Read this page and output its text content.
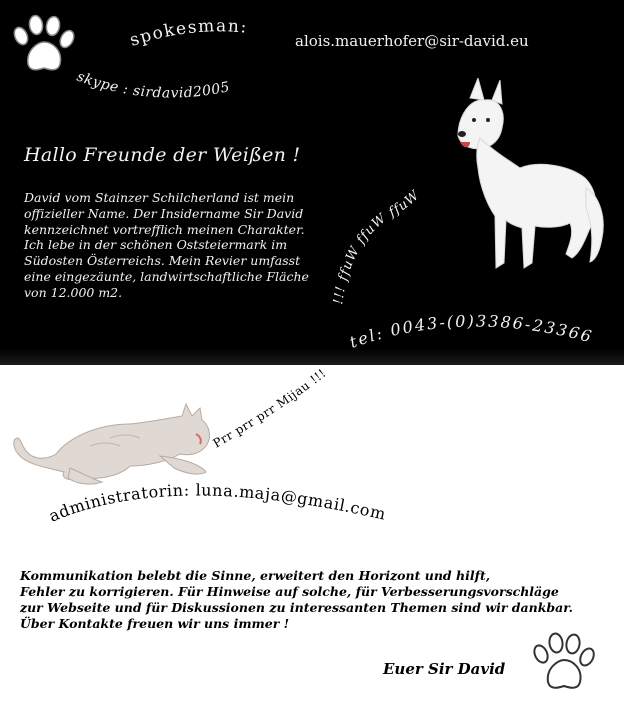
spokesman:
alois.mauerhofer@sir-david.eu
skype : sirdavid2005
!!! ffuW ffuW ffuW
tel: 0043-(0)3386-23366
Prr prr prr Mijau !!!
administratorin: luna.maja@gmail.com
Hallo Freunde der Weißen !
David vom Stainzer Schilcherland ist mein
offizieller Name. Der Insidername Sir David
kennzeichnet vortrefflich meinen Charakter.
Ich lebe in der schönen Oststeiermark im
Südosten Österreichs. Mein Revier umfasst
eine eingezäunte, landwirtschaftliche Fläche
von 12.000 m2.
Kommunikation belebt die Sinne, erweitert den Horizont und hilft,
Fehler zu korrigieren. Für Hinweise auf solche, für Verbesserungsvorschläge
zur Webseite und für Diskussionen zu interessanten Themen sind wir dankbar.
Über Kontakte freuen wir uns immer !
Euer Sir David
